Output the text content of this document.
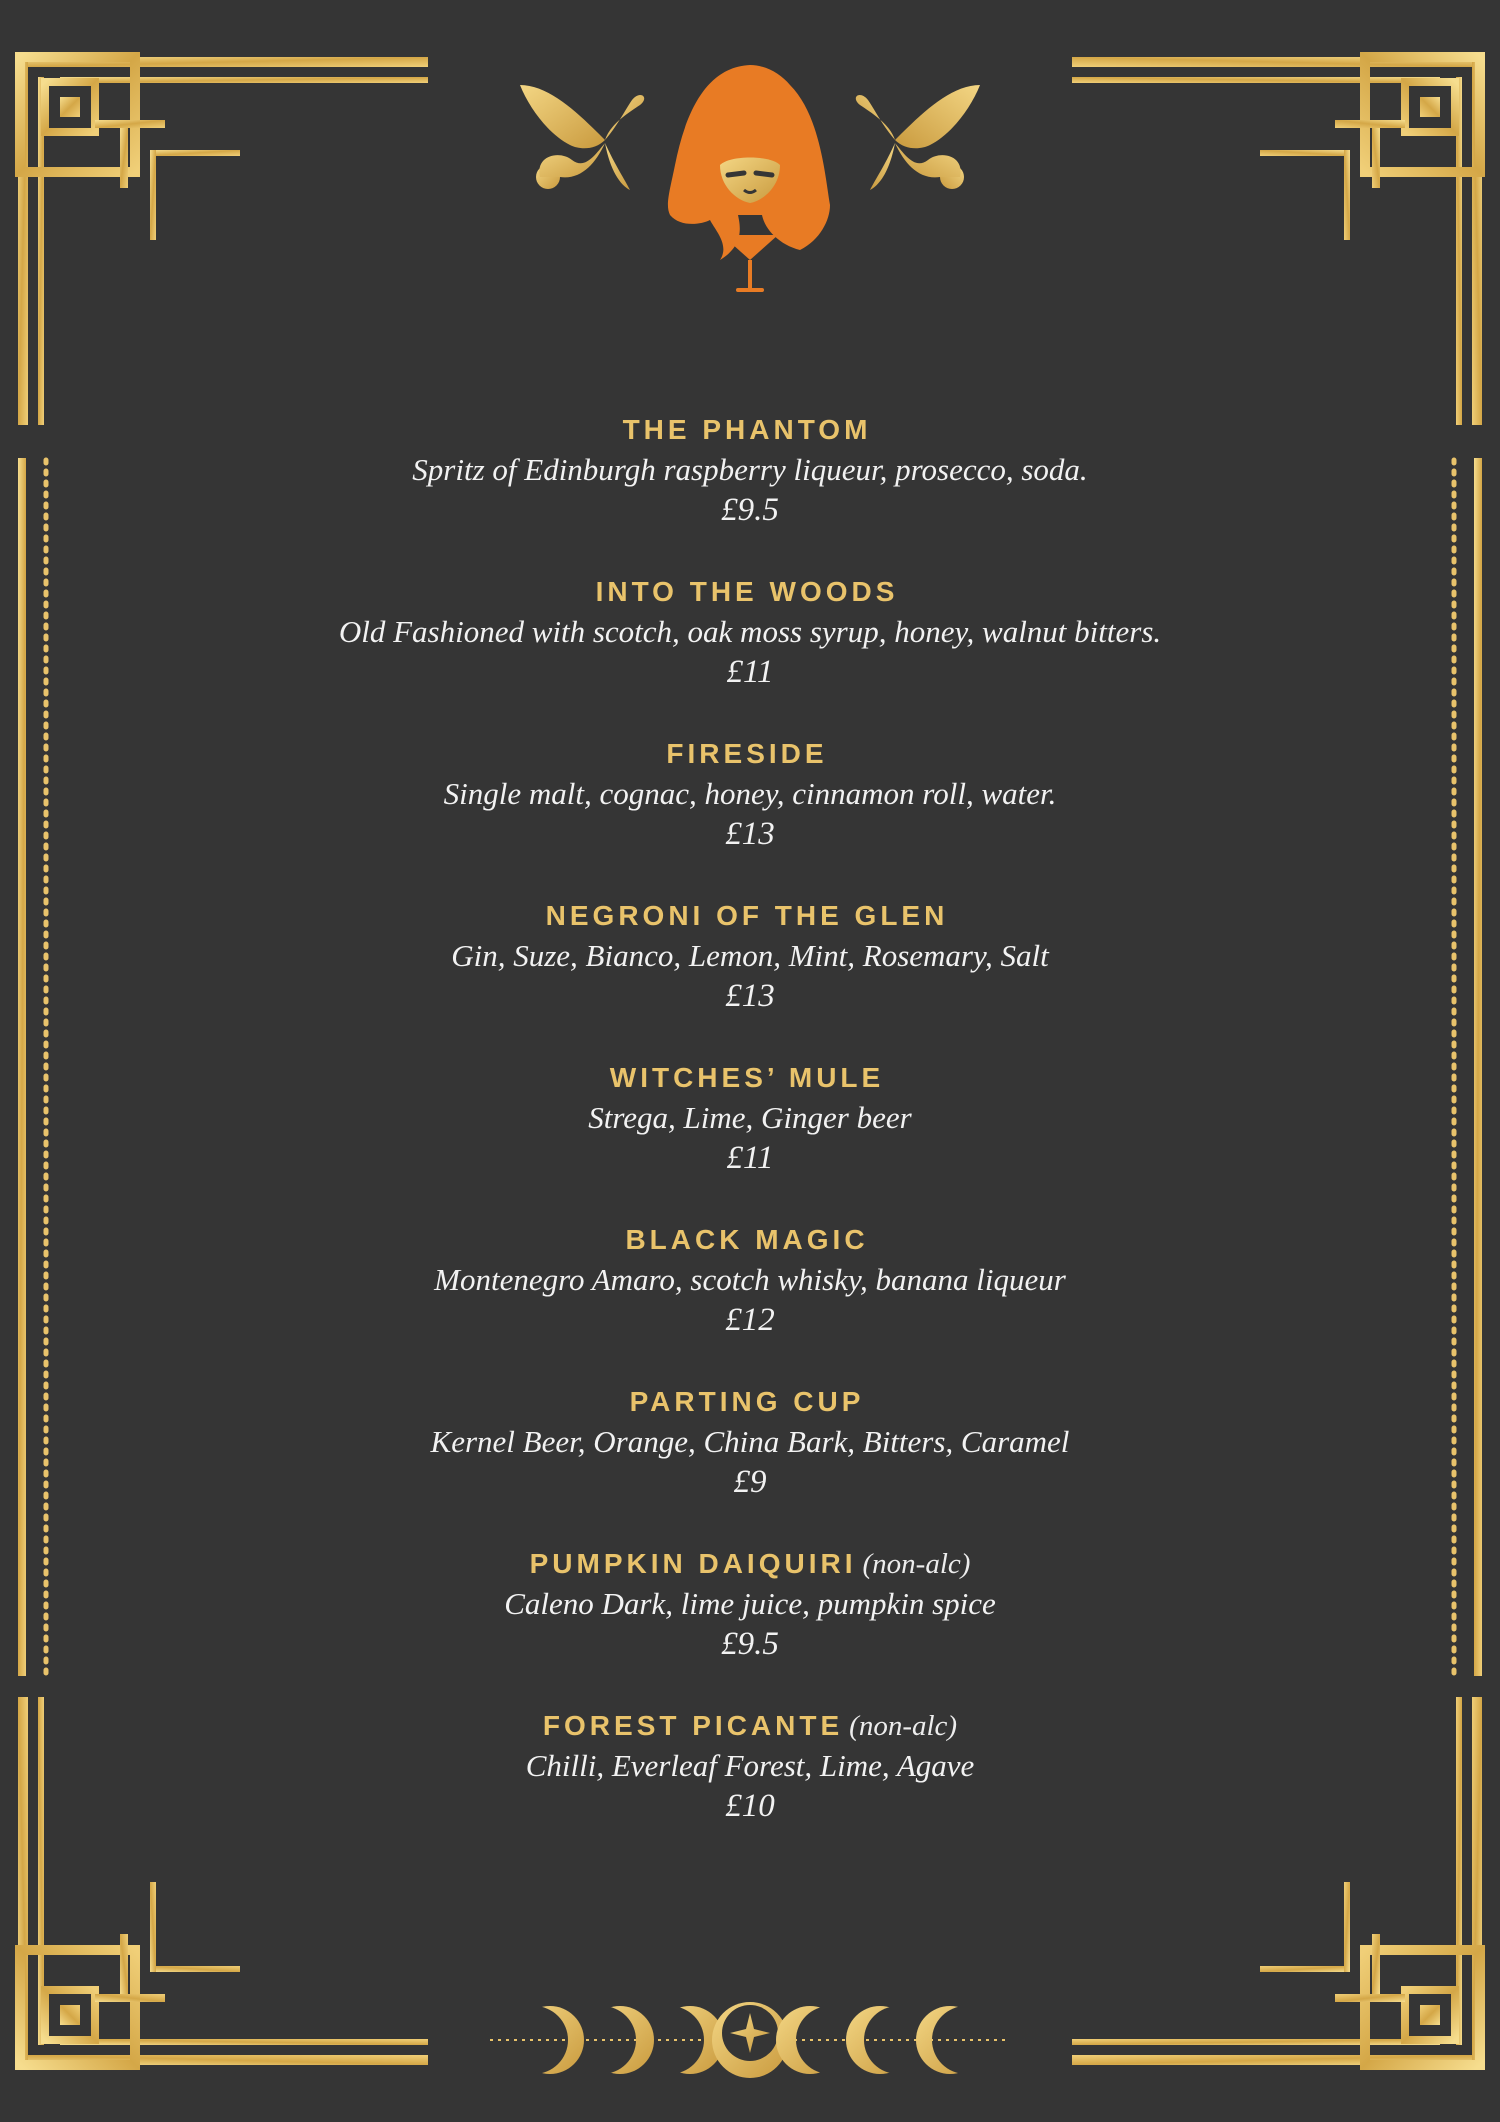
THE PHANTOM

Spritz of Edinburgh raspberry liqueur, prosecco, soda.

£9.5

INTO THE WOODS

Old Fashioned with scotch, oak moss syrup, honey, walnut bitters.

£11

FIRESIDE

Single malt, cognac, honey, cinnamon roll, water.

£13

NEGRONI OF THE GLEN

Gin, Suze, Bianco, Lemon, Mint, Rosemary, Salt

£13

WITCHES’ MULE

Strega, Lime, Ginger beer

£11

BLACK MAGIC

Montenegro Amaro, scotch whisky, banana liqueur

£12

PARTING CUP

Kernel Beer, Orange, China Bark, Bitters, Caramel

£9

PUMPKIN DAIQUIRI (non-alc)

Caleno Dark, lime juice, pumpkin spice

£9.5

FOREST PICANTE (non-alc)

Chilli, Everleaf Forest, Lime, Agave

£10
